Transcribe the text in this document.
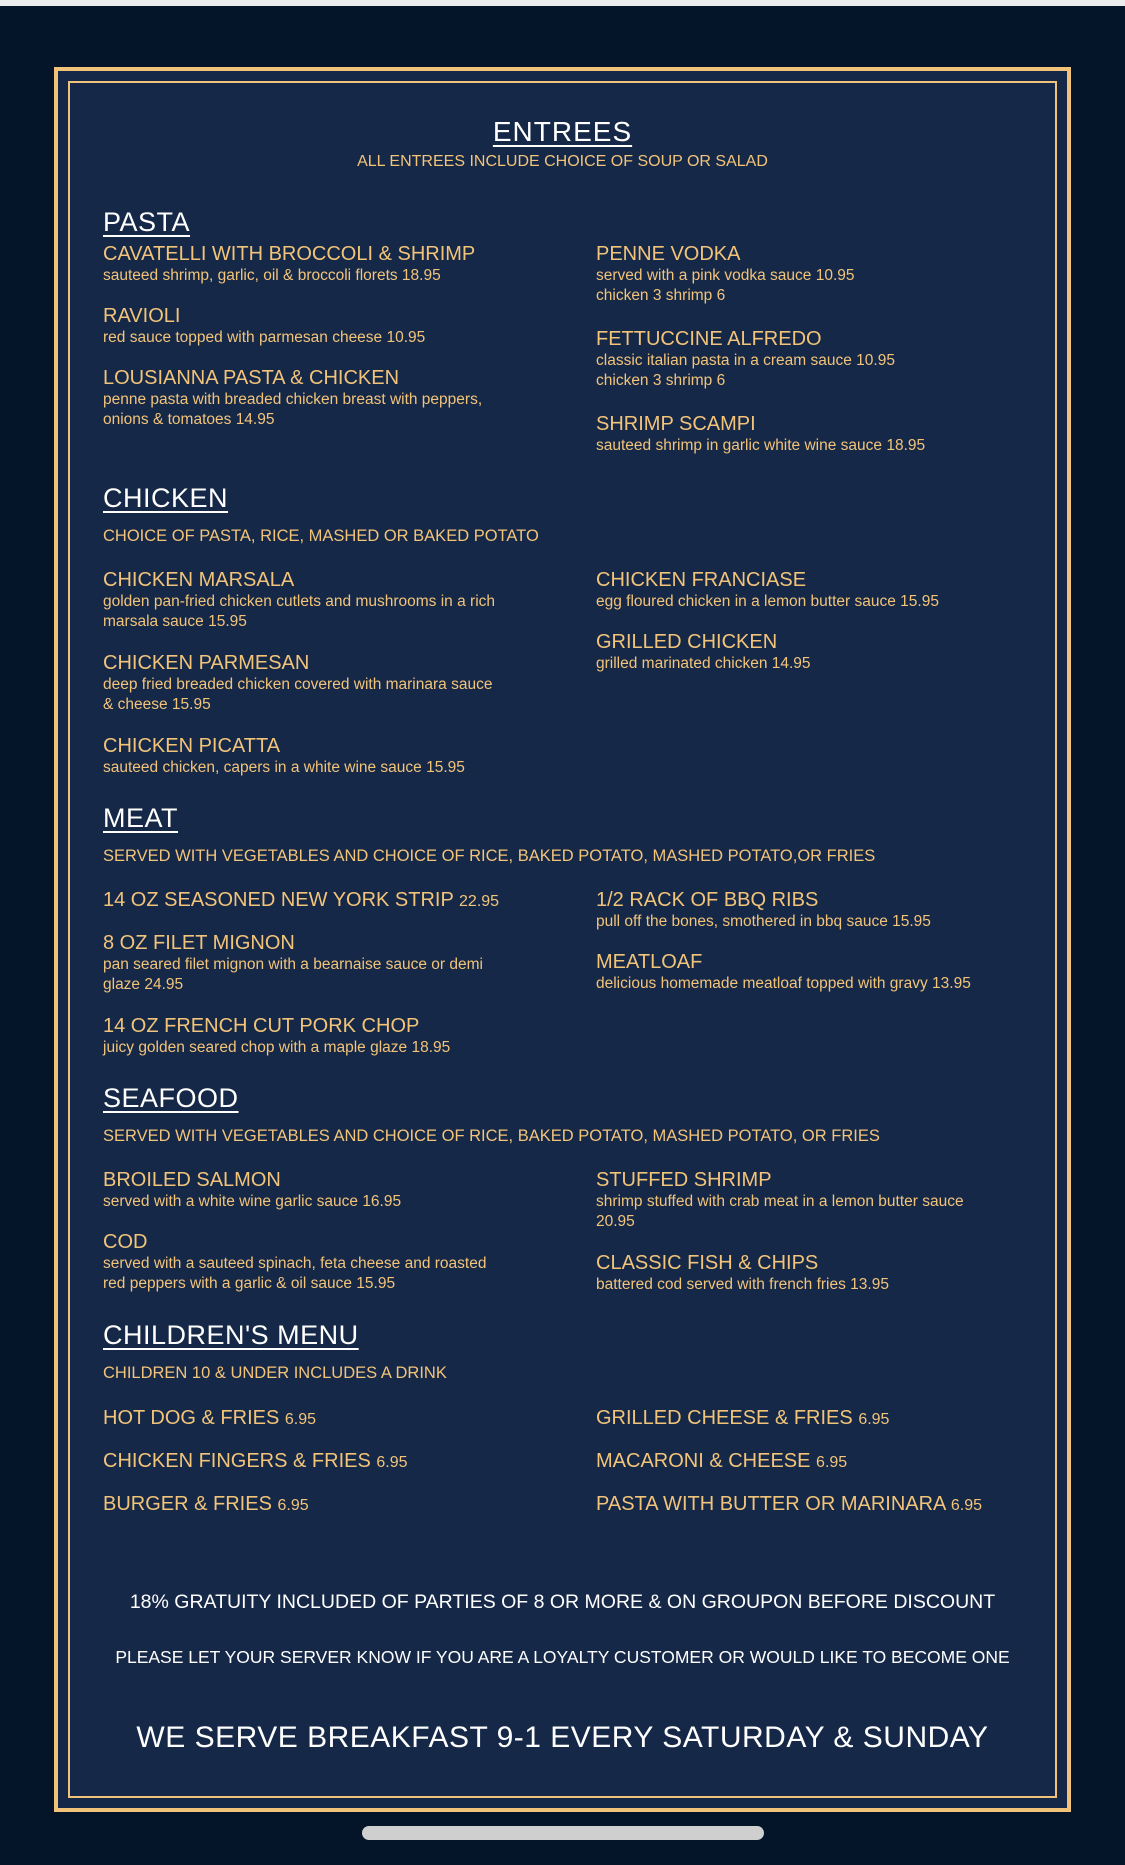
ENTREES
ALL ENTREES INCLUDE CHOICE OF SOUP OR SALAD
PASTA
CAVATELLI WITH BROCCOLI & SHRIMP
sauteed shrimp, garlic, oil & broccoli florets 18.95
RAVIOLI
red sauce topped with parmesan cheese 10.95
LOUSIANNA PASTA & CHICKEN
penne pasta with breaded chicken breast with peppers,
onions & tomatoes 14.95
PENNE VODKA
served with a pink vodka sauce 10.95
chicken 3 shrimp 6
FETTUCCINE ALFREDO
classic italian pasta in a cream sauce 10.95
chicken 3 shrimp 6
SHRIMP SCAMPI
sauteed shrimp in garlic white wine sauce 18.95
CHICKEN
CHOICE OF PASTA, RICE, MASHED OR BAKED POTATO
CHICKEN MARSALA
golden pan-fried chicken cutlets and mushrooms in a rich
marsala sauce 15.95
CHICKEN PARMESAN
deep fried breaded chicken covered with marinara sauce
& cheese 15.95
CHICKEN PICATTA
sauteed chicken, capers in a white wine sauce 15.95
CHICKEN FRANCIASE
egg floured chicken in a lemon butter sauce 15.95
GRILLED CHICKEN
grilled marinated chicken 14.95
MEAT
SERVED WITH VEGETABLES AND CHOICE OF RICE, BAKED POTATO, MASHED POTATO,OR FRIES
14 OZ SEASONED NEW YORK STRIP 22.95
8 OZ FILET MIGNON
pan seared filet mignon with a bearnaise sauce or demi
glaze 24.95
14 OZ FRENCH CUT PORK CHOP
juicy golden seared chop with a maple glaze 18.95
1/2 RACK OF BBQ RIBS
pull off the bones, smothered in bbq sauce 15.95
MEATLOAF
delicious homemade meatloaf topped with gravy 13.95
SEAFOOD
SERVED WITH VEGETABLES AND CHOICE OF RICE, BAKED POTATO, MASHED POTATO, OR FRIES
BROILED SALMON
served with a white wine garlic sauce 16.95
COD
served with a sauteed spinach, feta cheese and roasted
red peppers with a garlic & oil sauce 15.95
STUFFED SHRIMP
shrimp stuffed with crab meat in a lemon butter sauce
20.95
CLASSIC FISH & CHIPS
battered cod served with french fries 13.95
CHILDREN'S MENU
CHILDREN 10 & UNDER INCLUDES A DRINK
HOT DOG & FRIES 6.95
CHICKEN FINGERS & FRIES 6.95
BURGER & FRIES 6.95
GRILLED CHEESE & FRIES 6.95
MACARONI & CHEESE 6.95
PASTA WITH BUTTER OR MARINARA 6.95
18% GRATUITY INCLUDED OF PARTIES OF 8 OR MORE & ON GROUPON BEFORE DISCOUNT
PLEASE LET YOUR SERVER KNOW IF YOU ARE A LOYALTY CUSTOMER OR WOULD LIKE TO BECOME ONE
WE SERVE BREAKFAST 9-1 EVERY SATURDAY & SUNDAY
